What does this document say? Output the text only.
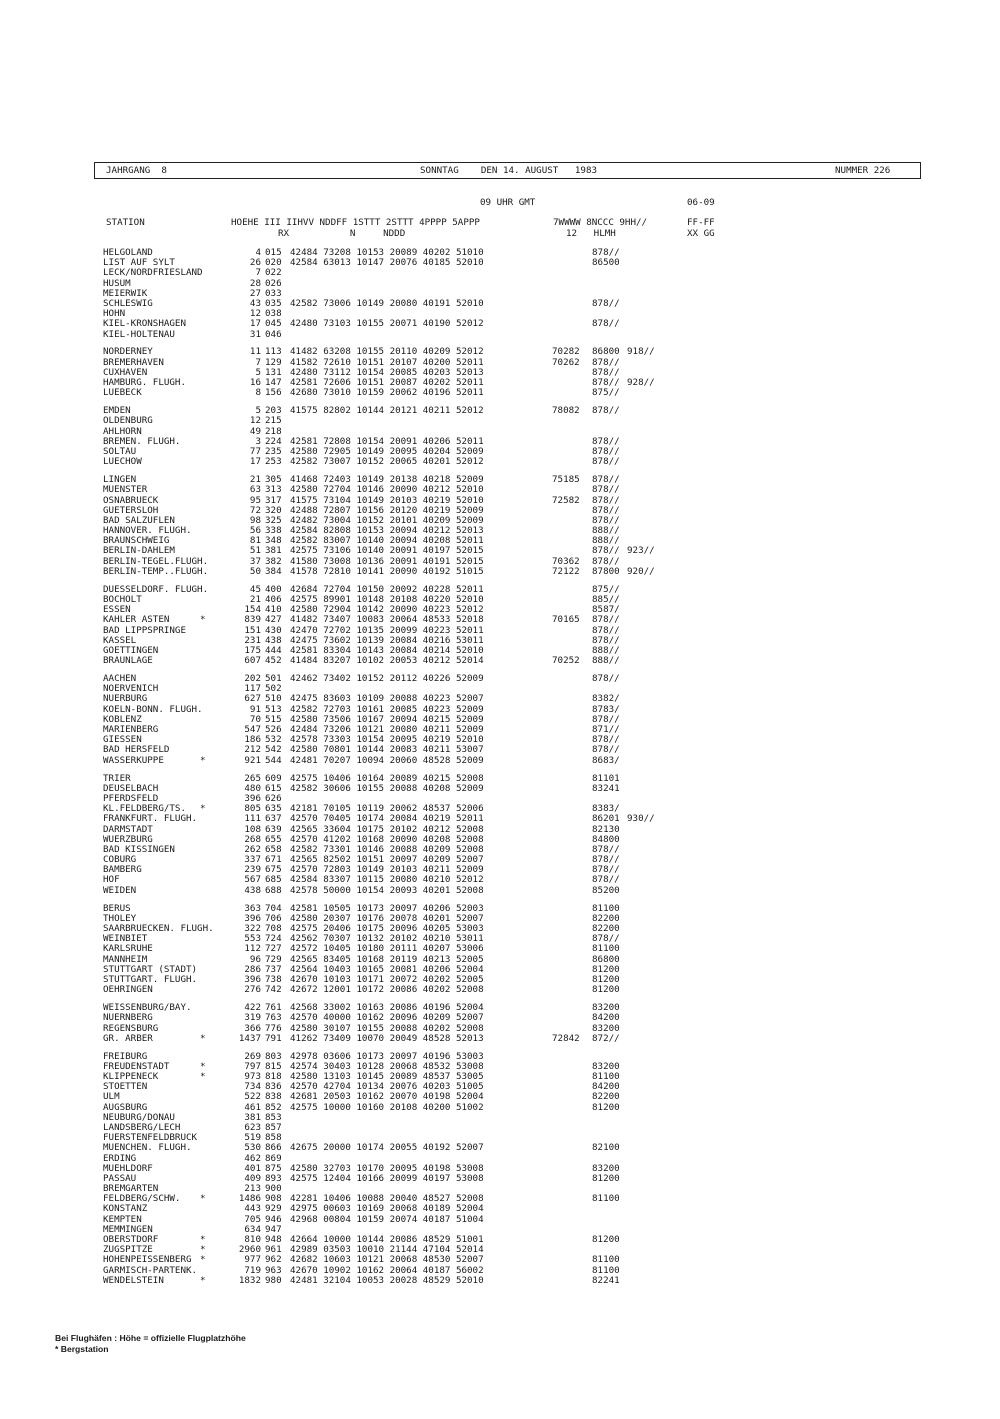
JAHRGANG  8

	SONNTAG    DEN 14. AUGUST   1983

	NUMMER 226

09 UHR GMT	06-09
STATION	HOEHE III IIHVV NDDFF 1STTT 2STTT 4PPPP 5APPP
RX           N     NDDD
7WWWW 8NCCC 9HH//
12   HLMH
FF-FF
XX GG
HELGOLAND	4 015 42484 73208 10153 20089 40202 51010	878//
LIST AUF SYLT	26 020 42584 63013 10147 20076 40185 52010	86500
LECK/NORDFRIESLAND	7 022
HUSUM	28 026
MEIERWIK	27 033
SCHLESWIG	43 035 42582 73006 10149 20080 40191 52010	878//
HOHN	12 038
KIEL-KRONSHAGEN	17 045 42480 73103 10155 20071 40190 52012	878//
KIEL-HOLTENAU	31 046
NORDERNEY	11 113 41482 63208 10155 20110 40209 52012	70282 86800 918//
BREMERHAVEN	7 129 41582 72610 10151 20107 40200 52011	70262 878//
CUXHAVEN	5 131 42480 73112 10154 20085 40203 52013	878//
HAMBURG. FLUGH.	16 147 42581 72606 10151 20087 40202 52011	878// 928//
LUEBECK	8 156 42680 73010 10159 20062 40196 52011	875//
EMDEN	5 203 41575 82802 10144 20121 40211 52012	78082 878//
OLDENBURG	12 215
AHLHORN	49 218
BREMEN. FLUGH.	3 224 42581 72808 10154 20091 40206 52011	878//
SOLTAU	77 235 42580 72905 10149 20095 40204 52009	878//
LUECHOW	17 253 42582 73007 10152 20065 40201 52012	878//
LINGEN	21 305 41468 72403 10149 20138 40218 52009	75185 878//
MUENSTER	63 313 42580 72704 10146 20090 40212 52010	878//
OSNABRUECK	95 317 41575 73104 10149 20103 40219 52010	72582 878//
GUETERSLOH	72 320 42488 72807 10156 20120 40219 52009	878//
BAD SALZUFLEN	98 325 42482 73004 10152 20101 40209 52009	878//
HANNOVER. FLUGH.	56 338 42584 82808 10153 20094 40212 52013	888//
BRAUNSCHWEIG	81 348 42582 83007 10140 20094 40208 52011	888//
BERLIN-DAHLEM	51 381 42575 73106 10140 20091 40197 52015	878// 923//
BERLIN-TEGEL.FLUGH.	37 382 41580 73008 10136 20091 40191 52015	70362 878//
BERLIN-TEMP..FLUGH.	50 384 41578 72810 10141 20090 40192 51015	72122 87800 920//
DUESSELDORF. FLUGH.	45 400 42684 72704 10150 20092 40228 52011	875//
BOCHOLT	21 406 42575 89901 10148 20108 40220 52010	885//
ESSEN	154 410 42580 72904 10142 20090 40223 52012	8587/
KAHLER ASTEN	*	839 427 41482 73407 10083 20064 48533 52018	70165 878//
BAD LIPPSPRINGE	151 430 42470 72702 10135 20099 40223 52011	878//
KASSEL	231 438 42475 73602 10139 20084 40216 53011	878//
GOETTINGEN	175 444 42581 83304 10143 20084 40214 52010	888//
BRAUNLAGE	607 452 41484 83207 10102 20053 40212 52014	70252 888//
AACHEN	202 501 42462 73402 10152 20112 40226 52009	878//
NOERVENICH	117 502
NUERBURG	627 510 42475 83603 10109 20088 40223 52007	8382/
KOELN-BONN. FLUGH.	91 513 42582 72703 10161 20085 40223 52009	8783/
KOBLENZ	70 515 42580 73506 10167 20094 40215 52009	878//
MARIENBERG	547 526 42484 73206 10121 20080 40211 52009	871//
GIESSEN	186 532 42578 73303 10154 20095 40219 52010	878//
BAD HERSFELD	212 542 42580 70801 10144 20083 40211 53007	878//
WASSERKUPPE	*	921 544 42481 70207 10094 20060 48528 52009	8683/
TRIER	265 609 42575 10406 10164 20089 40215 52008	81101
DEUSELBACH	480 615 42582 30606 10155 20088 40208 52009	83241
PFERDSFELD	396 626
KL.FELDBERG/TS. *	805 635 42181 70105 10119 20062 48537 52006	8383/
FRANKFURT. FLUGH.	111 637 42570 70405 10174 20084 40219 52011	86201 930//
DARMSTADT	108 639 42565 33604 10175 20102 40212 52008	82130
WUERZBURG	268 655 42570 41202 10168 20090 40208 52008	84800
BAD KISSINGEN	262 658 42582 73301 10146 20088 40209 52008	878//
COBURG	337 671 42565 82502 10151 20097 40209 52007	878//
BAMBERG	239 675 42570 72803 10149 20103 40211 52009	878//
HOF	567 685 42584 83307 10115 20080 40210 52012	878//
WEIDEN	438 688 42578 50000 10154 20093 40201 52008	85200
BERUS	363 704 42581 10505 10173 20097 40206 52003	81100
THOLEY	396 706 42580 20307 10176 20078 40201 52007	82200
SAARBRUECKEN. FLUGH.	322 708 42575 20406 10175 20096 40205 53003	82200
WEINBIET	553 724 42562 70307 10132 20102 40210 53011	878//
KARLSRUHE	112 727 42572 10405 10180 20111 40207 53006	81100
MANNHEIM	96 729 42565 83405 10168 20119 40213 52005	86800
STUTTGART (STADT)	286 737 42564 10403 10165 20081 40206 52004	81200
STUTTGART. FLUGH.	396 738 42670 10103 10171 20072 40202 52005	81200
OEHRINGEN	276 742 42672 12001 10172 20086 40202 52008	81200
WEISSENBURG/BAY.	422 761 42568 33002 10163 20086 40196 52004	83200
NUERNBERG	319 763 42570 40000 10162 20096 40209 52007	84200
REGENSBURG	366 776 42580 30107 10155 20088 40202 52008	83200
GR. ARBER	*	1437 791 41262 73409 10070 20049 48528 52013	72842 872//
FREIBURG	269 803 42978 03606 10173 20097 40196 53003
FREUDENSTADT	*	797 815 42574 30403 10128 20068 48532 53008	83200
KLIPPENECK	*	973 818 42580 13103 10145 20089 48537 53005	81100
STOETTEN	734 836 42570 42704 10134 20076 40203 51005	84200
ULM	522 838 42681 20503 10162 20070 40198 52004	82200
AUGSBURG	461 852 42575 10000 10160 20108 40200 51002	81200
NEUBURG/DONAU	381 853
LANDSBERG/LECH	623 857
FUERSTENFELDBRUCK	519 858
MUENCHEN. FLUGH.	530 866 42675 20000 10174 20055 40192 52007	82100
ERDING	462 869
MUEHLDORF	401 875 42580 32703 10170 20095 40198 53008	83200
PASSAU	409 893 42575 12404 10166 20099 40197 53008	81200
BREMGARTEN	213 900
FELDBERG/SCHW. *	1486 908 42281 10406 10088 20040 48527 52008	81100
KONSTANZ	443 929 42975 00603 10169 20068 40189 52004
KEMPTEN	705 946 42968 00804 10159 20074 40187 51004
MEMMINGEN	634 947
OBERSTDORF	*	810 948 42664 10000 10144 20086 48529 51001	81200
ZUGSPITZE	*	2960 961 42989 03503 10010 21144 47104 52014
HOHENPEISSENBERG *	977 962 42682 10603 10121 20068 48530 52007	81100
GARMISCH-PARTENK.	719 963 42670 10902 10162 20064 40187 56002	81100
WENDELSTEIN	*	1832 980 42481 32104 10053 20028 48529 52010	82241
Bei Flughäfen : Höhe = offizielle Flugplatzhöhe
* Bergstation
